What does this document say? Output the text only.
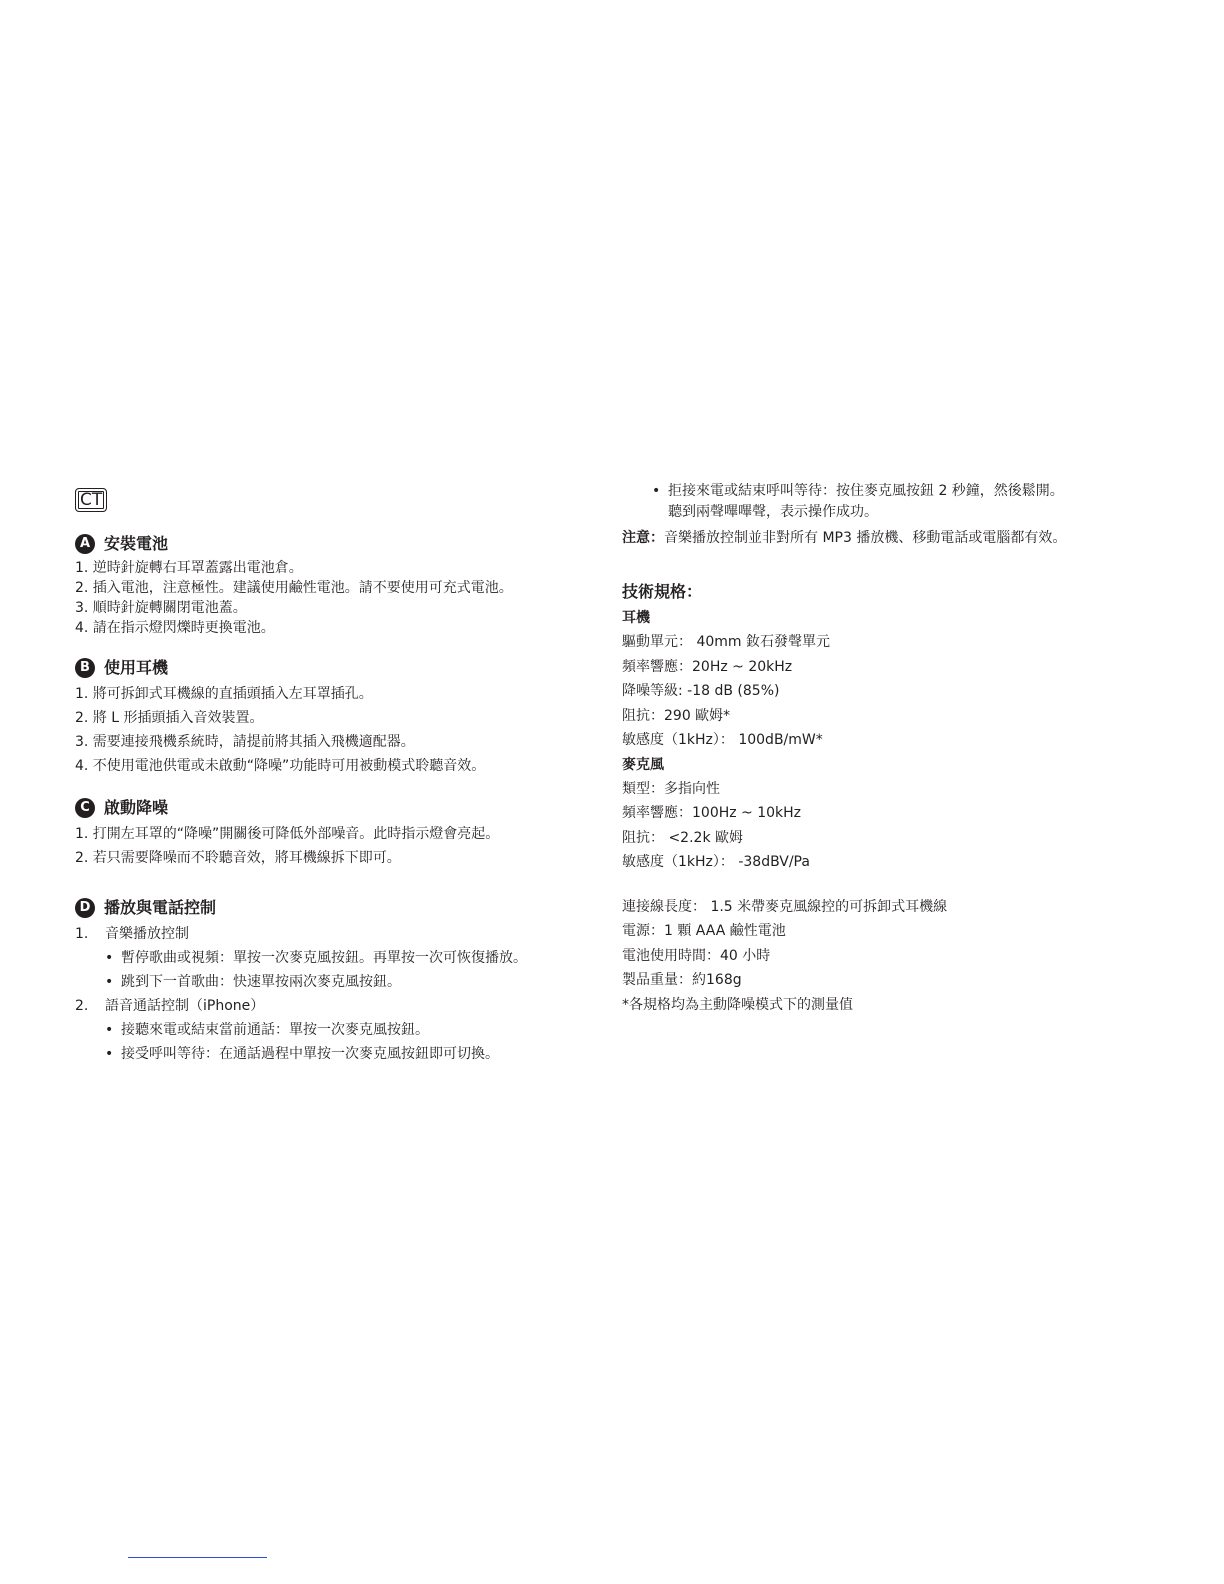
CT
A 安裝電池
1. 逆時針旋轉右耳罩蓋露出電池倉。
2. 插入電池，注意極性。建議使用鹼性電池。請不要使用可充式電池。
3. 順時針旋轉關閉電池蓋。
4. 請在指示燈閃爍時更換電池。
B 使用耳機
1. 將可拆卸式耳機線的直插頭插入左耳罩插孔。
2. 將 L 形插頭插入音效裝置。
3. 需要連接飛機系統時，請提前將其插入飛機適配器。
4. 不使用電池供電或未啟動“降噪”功能時可用被動模式聆聽音效。
C 啟動降噪
1. 打開左耳罩的“降噪”開關後可降低外部噪音。此時指示燈會亮起。
2. 若只需要降噪而不聆聽音效，將耳機線拆下即可。
D 播放與電話控制
1.	音樂播放控制
• 暫停歌曲或視頻：單按一次麥克風按鈕。再單按一次可恢復播放。
• 跳到下一首歌曲：快速單按兩次麥克風按鈕。
2.	語音通話控制（iPhone）
• 接聽來電或結束當前通話：單按一次麥克風按鈕。
• 接受呼叫等待：在通話過程中單按一次麥克風按鈕即可切換。
• 拒接來電或結束呼叫等待：按住麥克風按鈕 2 秒鐘，然後鬆開。
聽到兩聲嗶嗶聲，表示操作成功。
注意：音樂播放控制並非對所有 MP3 播放機、移動電話或電腦都有效。
技術規格：
耳機
驅動單元： 40mm 釹石發聲單元
頻率響應：20Hz ~ 20kHz
降噪等級: -18 dB (85%)
阻抗：290 歐姆*
敏感度（1kHz）： 100dB/mW*
麥克風
類型：多指向性
頻率響應：100Hz ~ 10kHz
阻抗： <2.2k 歐姆
敏感度（1kHz）： -38dBV/Pa
連接線長度： 1.5 米帶麥克風線控的可拆卸式耳機線
電源：1 顆 AAA 鹼性電池
電池使用時間：40 小時
製品重量：約168g
*各規格均為主動降噪模式下的測量值
